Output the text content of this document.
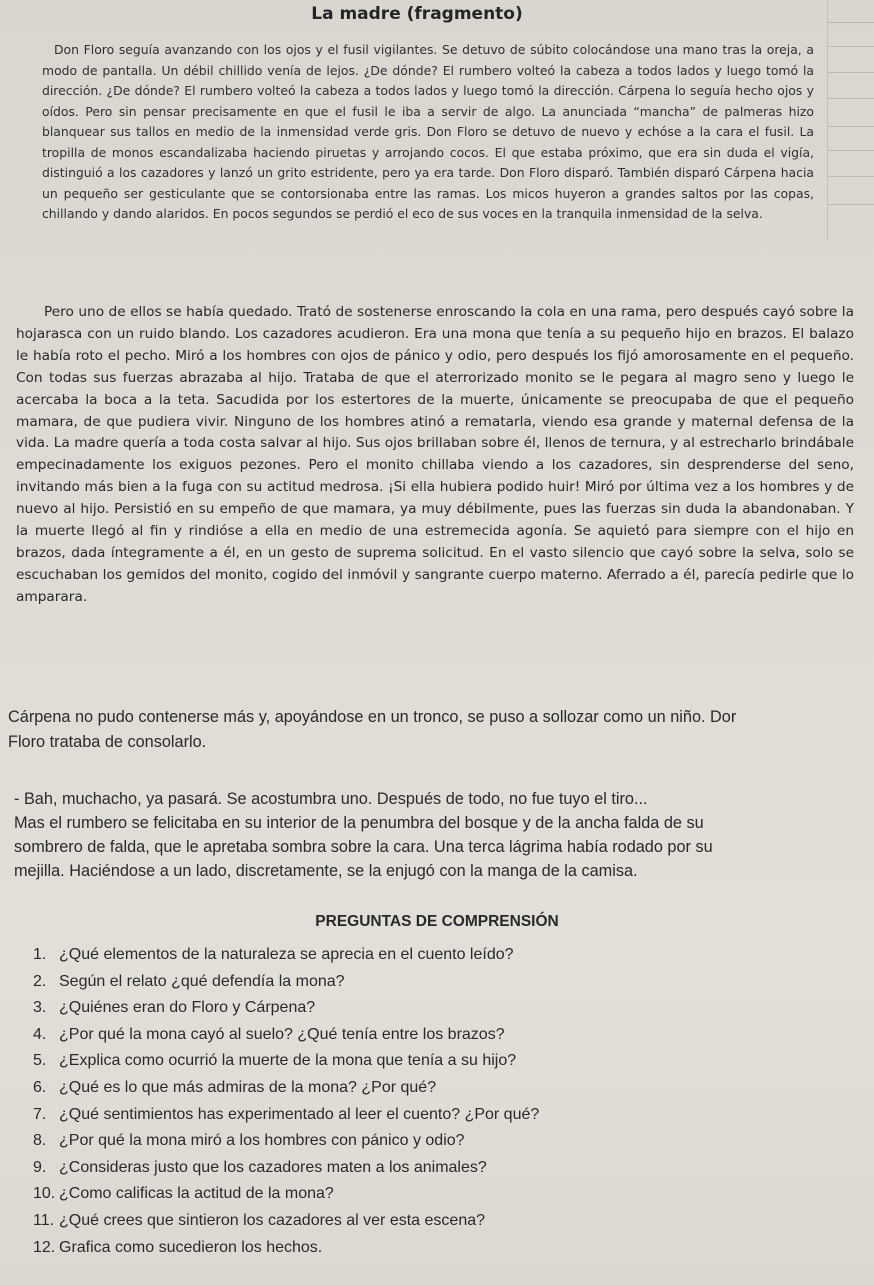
La madre (fragmento)

Don Floro seguía avanzando con los ojos y el fusil vigilantes. Se detuvo de súbito colocándose una mano tras la oreja, a modo de pantalla. Un débil chillido venía de lejos. ¿De dónde? El rumbero volteó la cabeza a todos lados y luego tomó la dirección. ¿De dónde? El rumbero volteó la cabeza a todos lados y luego tomó la dirección. Cárpena lo seguía hecho ojos y oídos. Pero sin pensar precisamente en que el fusil le iba a servir de algo. La anunciada “mancha” de palmeras hizo blanquear sus tallos en medio de la inmensidad verde gris. Don Floro se detuvo de nuevo y echóse a la cara el fusil. La tropilla de monos escandalizaba haciendo piruetas y arrojando cocos. El que estaba próximo, que era sin duda el vigía, distinguió a los cazadores y lanzó un grito estridente, pero ya era tarde. Don Floro disparó. También disparó Cárpena hacia un pequeño ser gesticulante que se contorsionaba entre las ramas. Los micos huyeron a grandes saltos por las copas, chillando y dando alaridos. En pocos segundos se perdió el eco de sus voces en la tranquila inmensidad de la selva.

Pero uno de ellos se había quedado. Trató de sostenerse enroscando la cola en una rama, pero después cayó sobre la hojarasca con un ruido blando. Los cazadores acudieron. Era una mona que tenía a su pequeño hijo en brazos. El balazo le había roto el pecho. Miró a los hombres con ojos de pánico y odio, pero después los fijó amorosamente en el pequeño. Con todas sus fuerzas abrazaba al hijo. Trataba de que el aterrorizado monito se le pegara al magro seno y luego le acercaba la boca a la teta. Sacudida por los estertores de la muerte, únicamente se preocupaba de que el pequeño mamara, de que pudiera vivir. Ninguno de los hombres atinó a rematarla, viendo esa grande y maternal defensa de la vida. La madre quería a toda costa salvar al hijo. Sus ojos brillaban sobre él, llenos de ternura, y al estrecharlo brindábale empecinadamente los exiguos pezones. Pero el monito chillaba viendo a los cazadores, sin desprenderse del seno, invitando más bien a la fuga con su actitud medrosa. ¡Si ella hubiera podido huir! Miró por última vez a los hombres y de nuevo al hijo. Persistió en su empeño de que mamara, ya muy débilmente, pues las fuerzas sin duda la abandonaban. Y la muerte llegó al fin y rindióse a ella en medio de una estremecida agonía. Se aquietó para siempre con el hijo en brazos, dada íntegramente a él, en un gesto de suprema solicitud. En el vasto silencio que cayó sobre la selva, solo se escuchaban los gemidos del monito, cogido del inmóvil y sangrante cuerpo materno. Aferrado a él, parecía pedirle que lo amparara.

Cárpena no pudo contenerse más y, apoyándose en un tronco, se puso a sollozar como un niño. Dor
Floro trataba de consolarlo.

- Bah, muchacho, ya pasará. Se acostumbra uno. Después de todo, no fue tuyo el tiro...
Mas el rumbero se felicitaba en su interior de la penumbra del bosque y de la ancha falda de su
sombrero de falda, que le apretaba sombra sobre la cara. Una terca lágrima había rodado por su
mejilla. Haciéndose a un lado, discretamente, se la enjugó con la manga de la camisa.

PREGUNTAS DE COMPRENSIÓN
1. ¿Qué elementos de la naturaleza se aprecia en el cuento leído?
2. Según el relato ¿qué defendía la mona?
3. ¿Quiénes eran do Floro y Cárpena?
4. ¿Por qué la mona cayó al suelo? ¿Qué tenía entre los brazos?
5. ¿Explica como ocurrió la muerte de la mona que tenía a su hijo?
6. ¿Qué es lo que más admiras de la mona? ¿Por qué?
7. ¿Qué sentimientos has experimentado al leer el cuento? ¿Por qué?
8. ¿Por qué la mona miró a los hombres con pánico y odio?
9. ¿Consideras justo que los cazadores maten a los animales?
10. ¿Como calificas la actitud de la mona?
11. ¿Qué crees que sintieron los cazadores al ver esta escena?
12. Grafica como sucedieron los hechos.
